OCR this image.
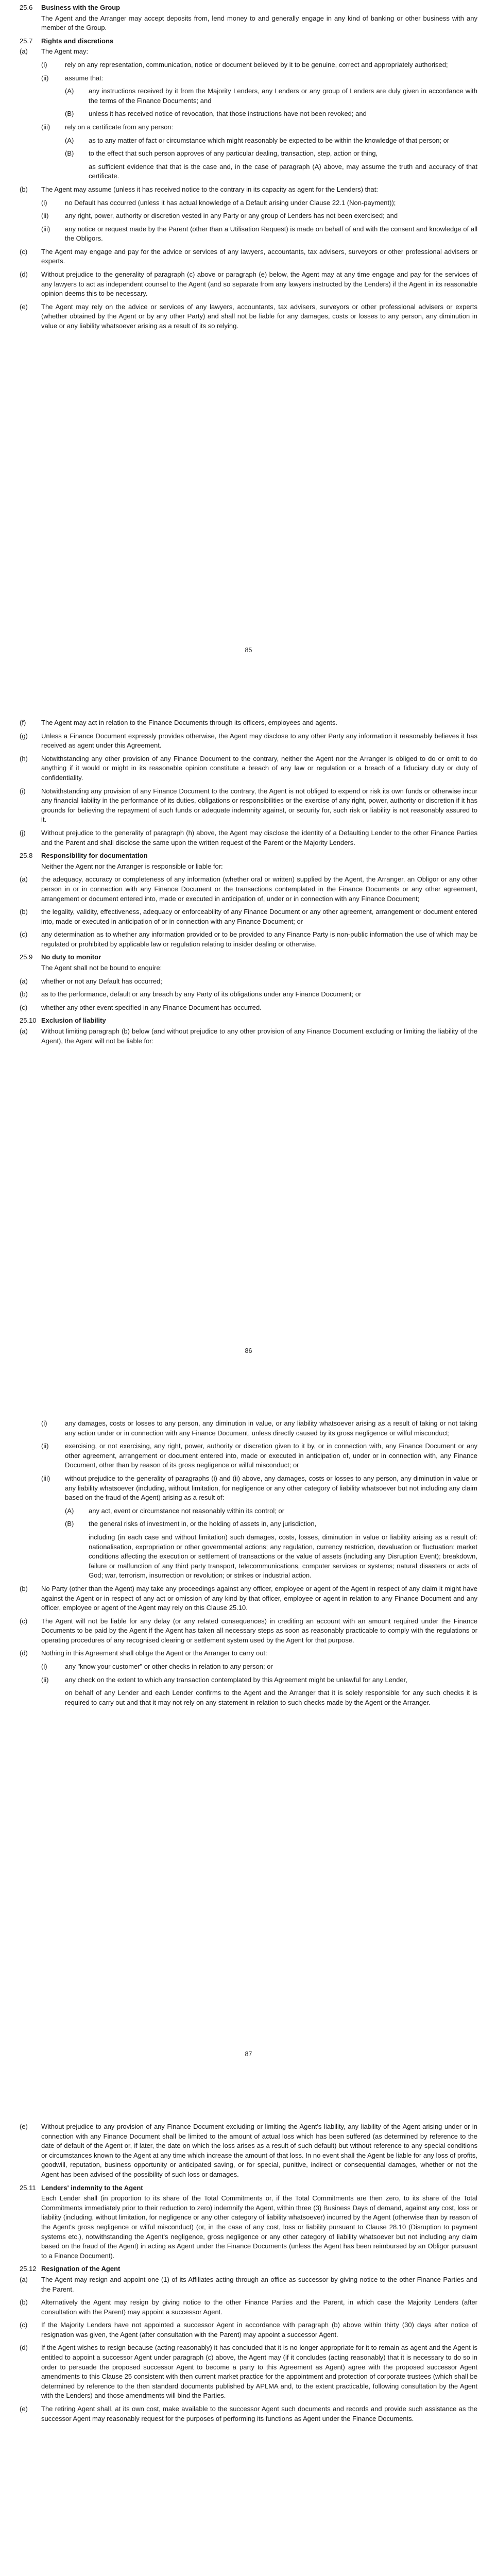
25.6	Business with the Group
The Agent and the Arranger may accept deposits from, lend money to and generally engage in any kind of banking or other business with any member of the Group.
25.7	Rights and discretions
(a)	The Agent may:
(i)	rely on any representation, communication, notice or document believed by it to be genuine, correct and appropriately authorised;
(ii)	assume that:
(A)	any instructions received by it from the Majority Lenders, any Lenders or any group of Lenders are duly given in accordance with the terms of the Finance Documents; and
(B)	unless it has received notice of revocation, that those instructions have not been revoked; and
(iii)	rely on a certificate from any person:
(A)	as to any matter of fact or circumstance which might reasonably be expected to be within the knowledge of that person; or
(B)	to the effect that such person approves of any particular dealing, transaction, step, action or thing,
as sufficient evidence that that is the case and, in the case of paragraph (A) above, may assume the truth and accuracy of that certificate.
(b)	The Agent may assume (unless it has received notice to the contrary in its capacity as agent for the Lenders) that:
(i)	no Default has occurred (unless it has actual knowledge of a Default arising under Clause 22.1 (Non-payment));
(ii)	any right, power, authority or discretion vested in any Party or any group of Lenders has not been exercised; and
(iii)	any notice or request made by the Parent (other than a Utilisation Request) is made on behalf of and with the consent and knowledge of all the Obligors.
(c)	The Agent may engage and pay for the advice or services of any lawyers, accountants, tax advisers, surveyors or other professional advisers or experts.
(d)	Without prejudice to the generality of paragraph (c) above or paragraph (e) below, the Agent may at any time engage and pay for the services of any lawyers to act as independent counsel to the Agent (and so separate from any lawyers instructed by the Lenders) if the Agent in its reasonable opinion deems this to be necessary.
(e)	The Agent may rely on the advice or services of any lawyers, accountants, tax advisers, surveyors or other professional advisers or experts (whether obtained by the Agent or by any other Party) and shall not be liable for any damages, costs or losses to any person, any diminution in value or any liability whatsoever arising as a result of its so relying.
85
(f)	The Agent may act in relation to the Finance Documents through its officers, employees and agents.
(g)	Unless a Finance Document expressly provides otherwise, the Agent may disclose to any other Party any information it reasonably believes it has received as agent under this Agreement.
(h)	Notwithstanding any other provision of any Finance Document to the contrary, neither the Agent nor the Arranger is obliged to do or omit to do anything if it would or might in its reasonable opinion constitute a breach of any law or regulation or a breach of a fiduciary duty or duty of confidentiality.
(i)	Notwithstanding any provision of any Finance Document to the contrary, the Agent is not obliged to expend or risk its own funds or otherwise incur any financial liability in the performance of its duties, obligations or responsibilities or the exercise of any right, power, authority or discretion if it has grounds for believing the repayment of such funds or adequate indemnity against, or security for, such risk or liability is not reasonably assured to it.
(j)	Without prejudice to the generality of paragraph (h) above, the Agent may disclose the identity of a Defaulting Lender to the other Finance Parties and the Parent and shall disclose the same upon the written request of the Parent or the Majority Lenders.
25.8	Responsibility for documentation
Neither the Agent nor the Arranger is responsible or liable for:
(a)	the adequacy, accuracy or completeness of any information (whether oral or written) supplied by the Agent, the Arranger, an Obligor or any other person in or in connection with any Finance Document or the transactions contemplated in the Finance Documents or any other agreement, arrangement or document entered into, made or executed in anticipation of, under or in connection with any Finance Document;
(b)	the legality, validity, effectiveness, adequacy or enforceability of any Finance Document or any other agreement, arrangement or document entered into, made or executed in anticipation of or in connection with any Finance Document; or
(c)	any determination as to whether any information provided or to be provided to any Finance Party is non-public information the use of which may be regulated or prohibited by applicable law or regulation relating to insider dealing or otherwise.
25.9	No duty to monitor
The Agent shall not be bound to enquire:
(a)	whether or not any Default has occurred;
(b)	as to the performance, default or any breach by any Party of its obligations under any Finance Document; or
(c)	whether any other event specified in any Finance Document has occurred.
25.10 Exclusion of liability
(a)	Without limiting paragraph (b) below (and without prejudice to any other provision of any Finance Document excluding or limiting the liability of the Agent), the Agent will not be liable for:
86
(i)	any damages, costs or losses to any person, any diminution in value, or any liability whatsoever arising as a result of taking or not taking any action under or in connection with any Finance Document, unless directly caused by its gross negligence or wilful misconduct;
(ii)	exercising, or not exercising, any right, power, authority or discretion given to it by, or in connection with, any Finance Document or any other agreement, arrangement or document entered into, made or executed in anticipation of, under or in connection with, any Finance Document, other than by reason of its gross negligence or wilful misconduct; or
(iii)	without prejudice to the generality of paragraphs (i) and (ii) above, any damages, costs or losses to any person, any diminution in value or any liability whatsoever (including, without limitation, for negligence or any other category of liability whatsoever but not including any claim based on the fraud of the Agent) arising as a result of:
(A)	any act, event or circumstance not reasonably within its control; or
(B)	the general risks of investment in, or the holding of assets in, any jurisdiction,
including (in each case and without limitation) such damages, costs, losses, diminution in value or liability arising as a result of: nationalisation, expropriation or other governmental actions; any regulation, currency restriction, devaluation or fluctuation; market conditions affecting the execution or settlement of transactions or the value of assets (including any Disruption Event); breakdown, failure or malfunction of any third party transport, telecommunications, computer services or systems; natural disasters or acts of God; war, terrorism, insurrection or revolution; or strikes or industrial action.
(b)	No Party (other than the Agent) may take any proceedings against any officer, employee or agent of the Agent in respect of any claim it might have against the Agent or in respect of any act or omission of any kind by that officer, employee or agent in relation to any Finance Document and any officer, employee or agent of the Agent may rely on this Clause 25.10.
(c)	The Agent will not be liable for any delay (or any related consequences) in crediting an account with an amount required under the Finance Documents to be paid by the Agent if the Agent has taken all necessary steps as soon as reasonably practicable to comply with the regulations or operating procedures of any recognised clearing or settlement system used by the Agent for that purpose.
(d)	Nothing in this Agreement shall oblige the Agent or the Arranger to carry out:
(i)	any "know your customer" or other checks in relation to any person; or
(ii)	any check on the extent to which any transaction contemplated by this Agreement might be unlawful for any Lender,
on behalf of any Lender and each Lender confirms to the Agent and the Arranger that it is solely responsible for any such checks it is required to carry out and that it may not rely on any statement in relation to such checks made by the Agent or the Arranger.
87
(e)	Without prejudice to any provision of any Finance Document excluding or limiting the Agent's liability, any liability of the Agent arising under or in connection with any Finance Document shall be limited to the amount of actual loss which has been suffered (as determined by reference to the date of default of the Agent or, if later, the date on which the loss arises as a result of such default) but without reference to any special conditions or circumstances known to the Agent at any time which increase the amount of that loss. In no event shall the Agent be liable for any loss of profits, goodwill, reputation, business opportunity or anticipated saving, or for special, punitive, indirect or consequential damages, whether or not the Agent has been advised of the possibility of such loss or damages.
25.11 Lenders' indemnity to the Agent
Each Lender shall (in proportion to its share of the Total Commitments or, if the Total Commitments are then zero, to its share of the Total Commitments immediately prior to their reduction to zero) indemnify the Agent, within three (3) Business Days of demand, against any cost, loss or liability (including, without limitation, for negligence or any other category of liability whatsoever) incurred by the Agent (otherwise than by reason of the Agent's gross negligence or wilful misconduct) (or, in the case of any cost, loss or liability pursuant to Clause 28.10 (Disruption to payment systems etc.), notwithstanding the Agent's negligence, gross negligence or any other category of liability whatsoever but not including any claim based on the fraud of the Agent) in acting as Agent under the Finance Documents (unless the Agent has been reimbursed by an Obligor pursuant to a Finance Document).
25.12 Resignation of the Agent
(a)	The Agent may resign and appoint one (1) of its Affiliates acting through an office as successor by giving notice to the other Finance Parties and the Parent.
(b)	Alternatively the Agent may resign by giving notice to the other Finance Parties and the Parent, in which case the Majority Lenders (after consultation with the Parent) may appoint a successor Agent.
(c)	If the Majority Lenders have not appointed a successor Agent in accordance with paragraph (b) above within thirty (30) days after notice of resignation was given, the Agent (after consultation with the Parent) may appoint a successor Agent.
(d)	If the Agent wishes to resign because (acting reasonably) it has concluded that it is no longer appropriate for it to remain as agent and the Agent is entitled to appoint a successor Agent under paragraph (c) above, the Agent may (if it concludes (acting reasonably) that it is necessary to do so in order to persuade the proposed successor Agent to become a party to this Agreement as Agent) agree with the proposed successor Agent amendments to this Clause 25 consistent with then current market practice for the appointment and protection of corporate trustees (which shall be determined by reference to the then standard documents published by APLMA and, to the extent practicable, following consultation by the Agent with the Lenders) and those amendments will bind the Parties.
(e)	The retiring Agent shall, at its own cost, make available to the successor Agent such documents and records and provide such assistance as the successor Agent may reasonably request for the purposes of performing its functions as Agent under the Finance Documents.
